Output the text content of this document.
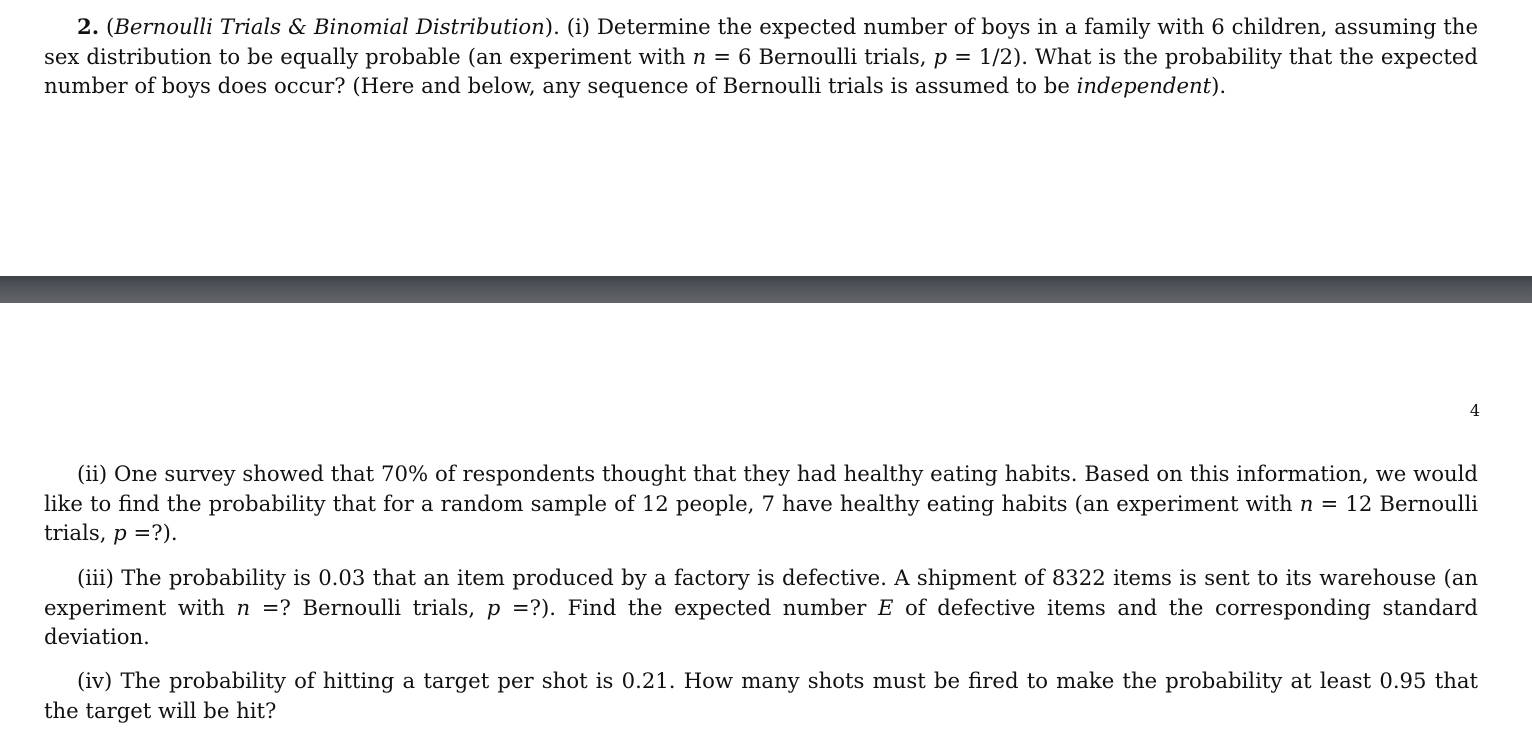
2. (Bernoulli Trials & Binomial Distribution). (i) Determine the expected number of boys in a family with 6 children, assuming the sex distribution to be equally probable (an experiment with n = 6 Bernoulli trials, p = 1/2). What is the probability that the expected number of boys does occur? (Here and below, any sequence of Bernoulli trials is assumed to be independent).

4

(ii) One survey showed that 70% of respondents thought that they had healthy eating habits. Based on this information, we would like to find the probability that for a random sample of 12 people, 7 have healthy eating habits (an experiment with n = 12 Bernoulli trials, p =?).

(iii) The probability is 0.03 that an item produced by a factory is defective. A shipment of 8322 items is sent to its warehouse (an experiment with n =? Bernoulli trials, p =?). Find the expected number E of defective items and the corresponding standard deviation.

(iv) The probability of hitting a target per shot is 0.21. How many shots must be fired to make the probability at least 0.95 that the target will be hit?
